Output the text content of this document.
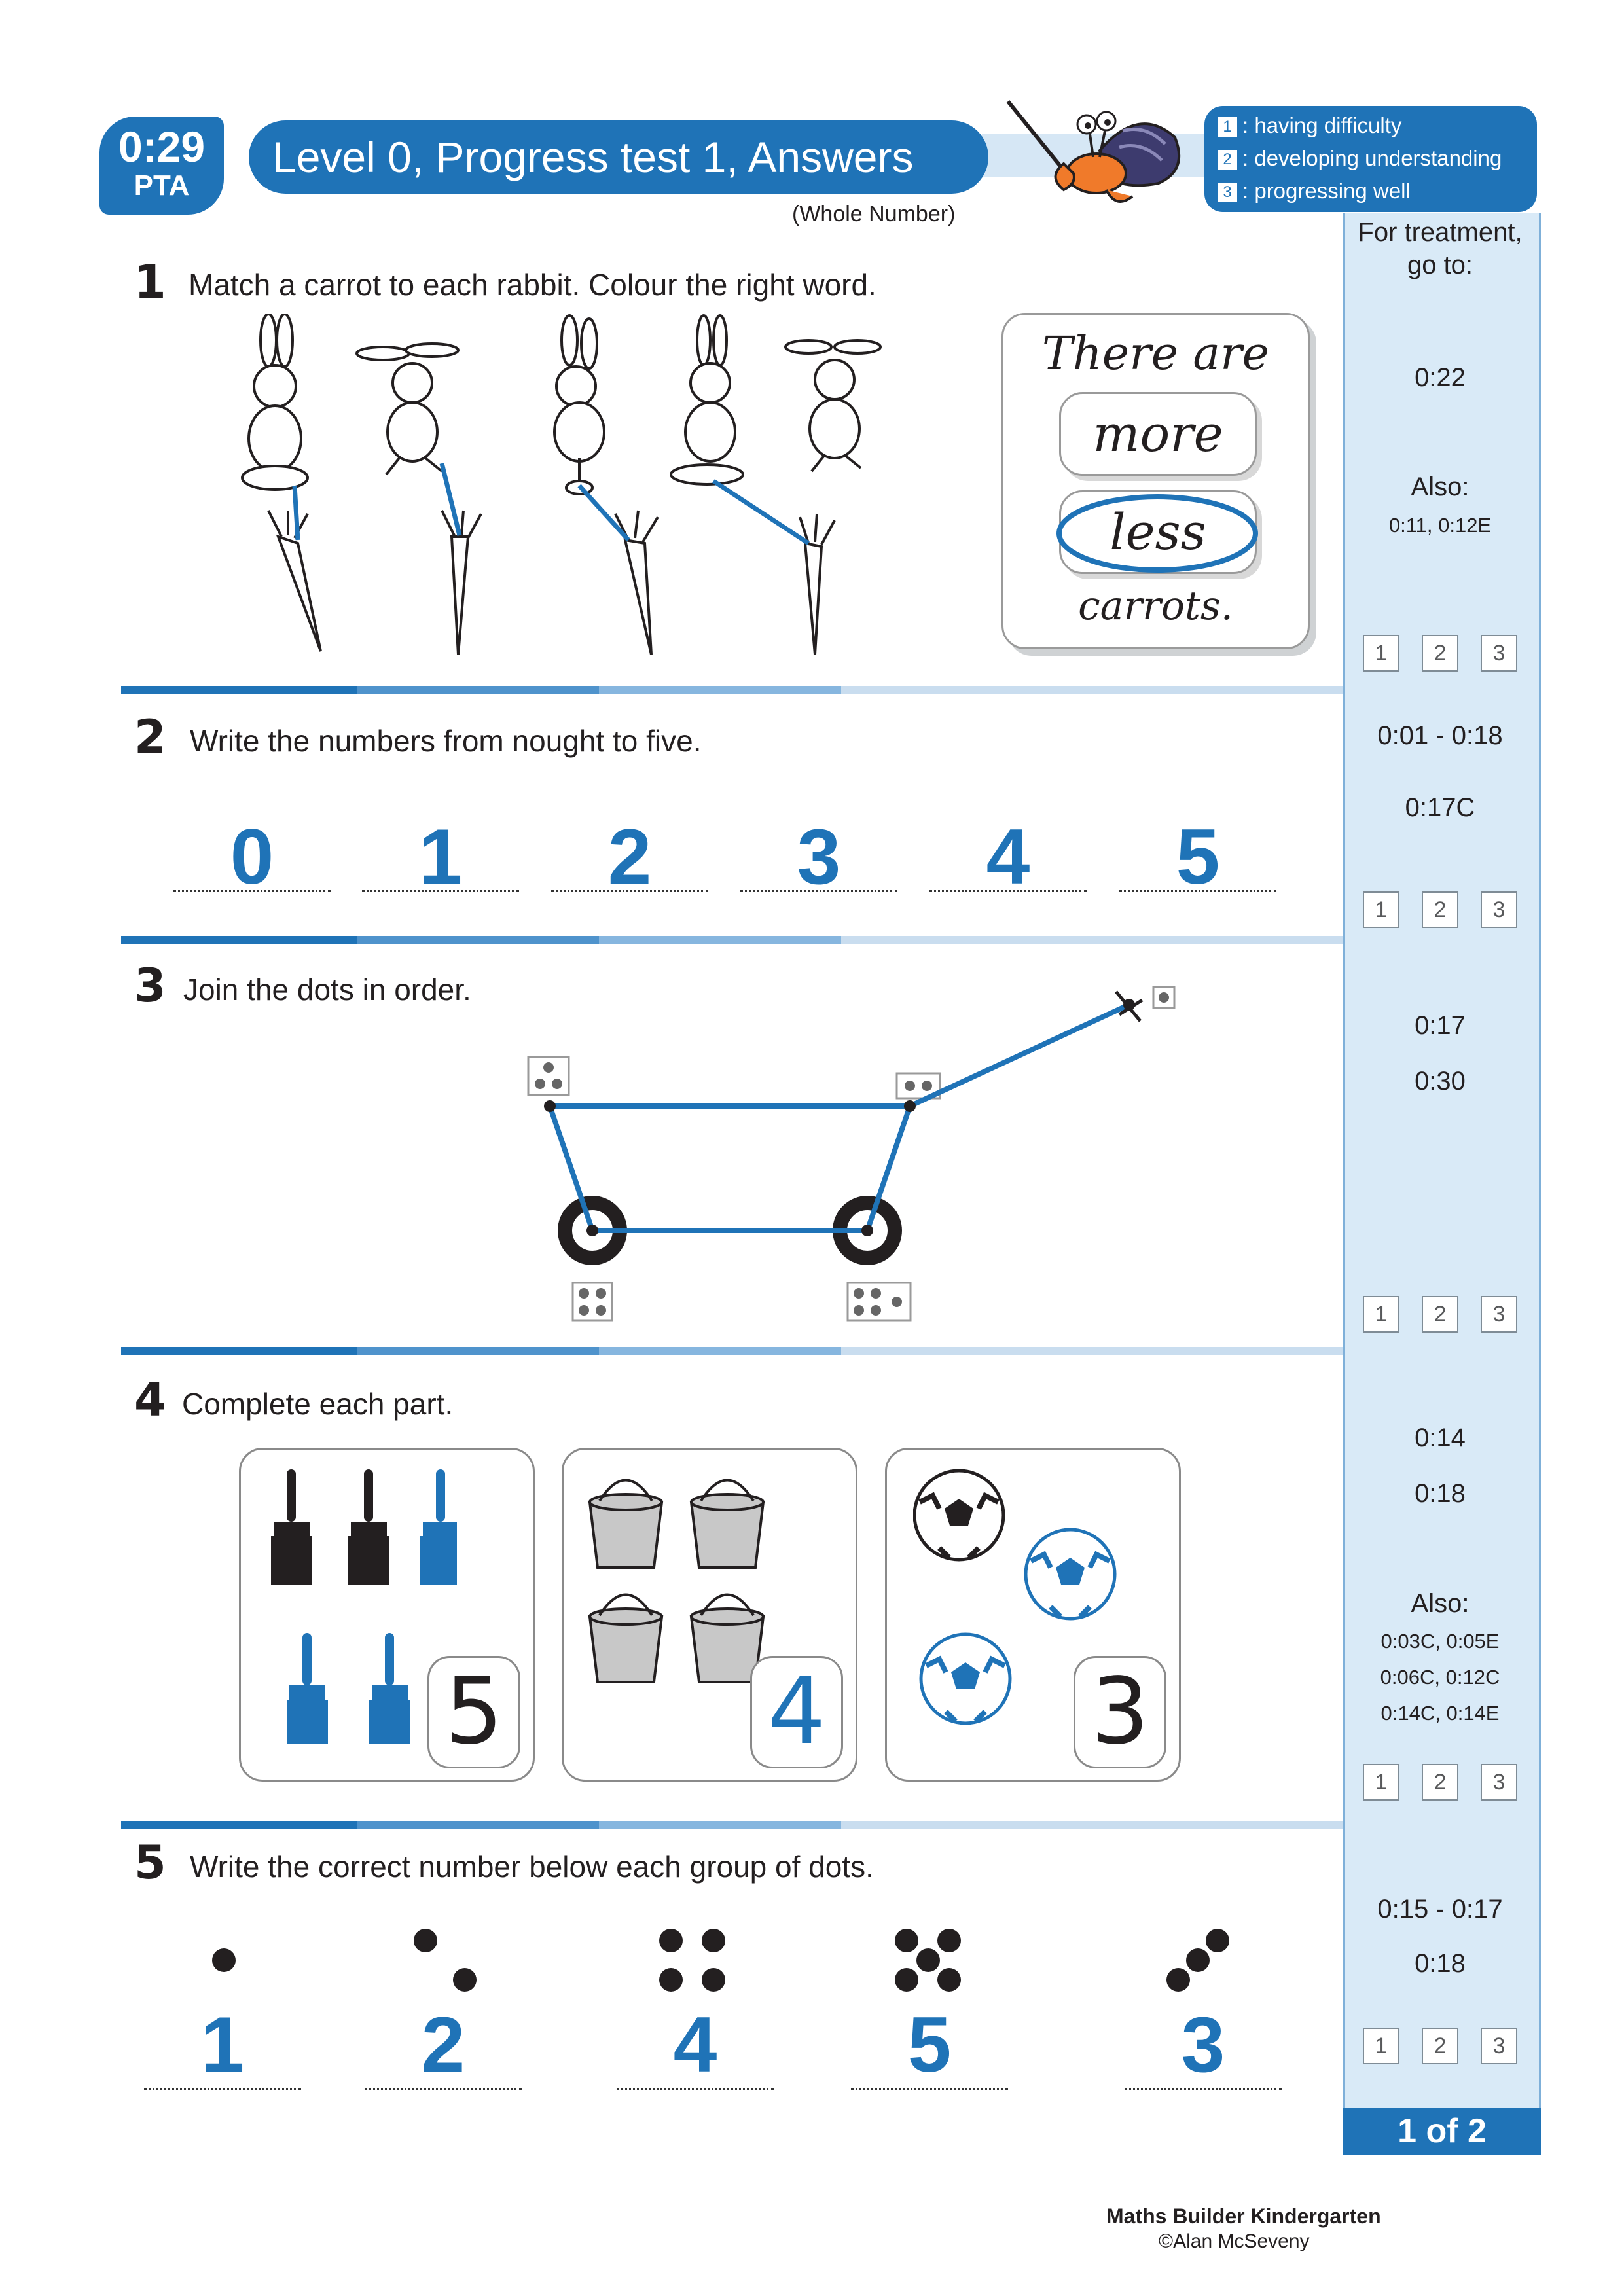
0:29
PTA
Level 0, Progress test 1, Answers
(Whole Number)
1 : having difficulty
2 : developing understanding
3 : progressing well
For treatment, go to:
0:22
Also:
0:11, 0:12E
1 2 3
0:01 - 0:18
0:17C
1 2 3
0:17
0:30
1 2 3
0:14
0:18
Also:
0:03C, 0:05E
0:06C, 0:12C
0:14C, 0:14E
1 2 3
0:15 - 0:17
0:18
1 2 3
1 of 2
1 Match a carrot to each rabbit. Colour the right word.
There are
more
less
carrots.
2 Write the numbers from nought to five.
0	1	2	3	4	5
3 Join the dots in order.
4 Complete each part.
5	4	3
5 Write the correct number below each group of dots.
1	2	4	5	3
Maths Builder Kindergarten
©Alan McSeveny
